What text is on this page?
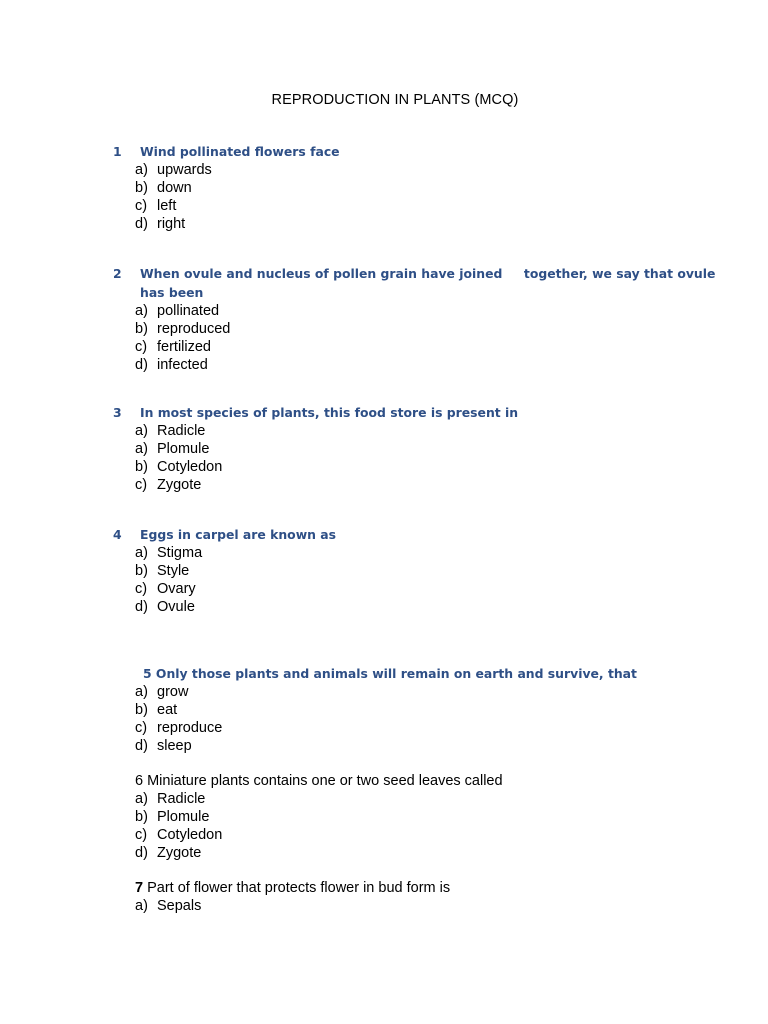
REPRODUCTION IN PLANTS (MCQ)
1 Wind pollinated flowers face
a) upwards
b) down
c) left
d) right
2 When ovule and nucleus of pollen grain have joined     together, we say that ovule
has been
a) pollinated
b) reproduced
c) fertilized
d) infected
3 In most species of plants, this food store is present in
a) Radicle
a) Plomule
b) Cotyledon
c) Zygote
4 Eggs in carpel are known as
a) Stigma
b) Style
c) Ovary
d) Ovule
5 Only those plants and animals will remain on earth and survive, that
a) grow
b) eat
c) reproduce
d) sleep
6 Miniature plants contains one or two seed leaves called
a) Radicle
b) Plomule
c) Cotyledon
d) Zygote
7 Part of flower that protects flower in bud form is
a) Sepals
